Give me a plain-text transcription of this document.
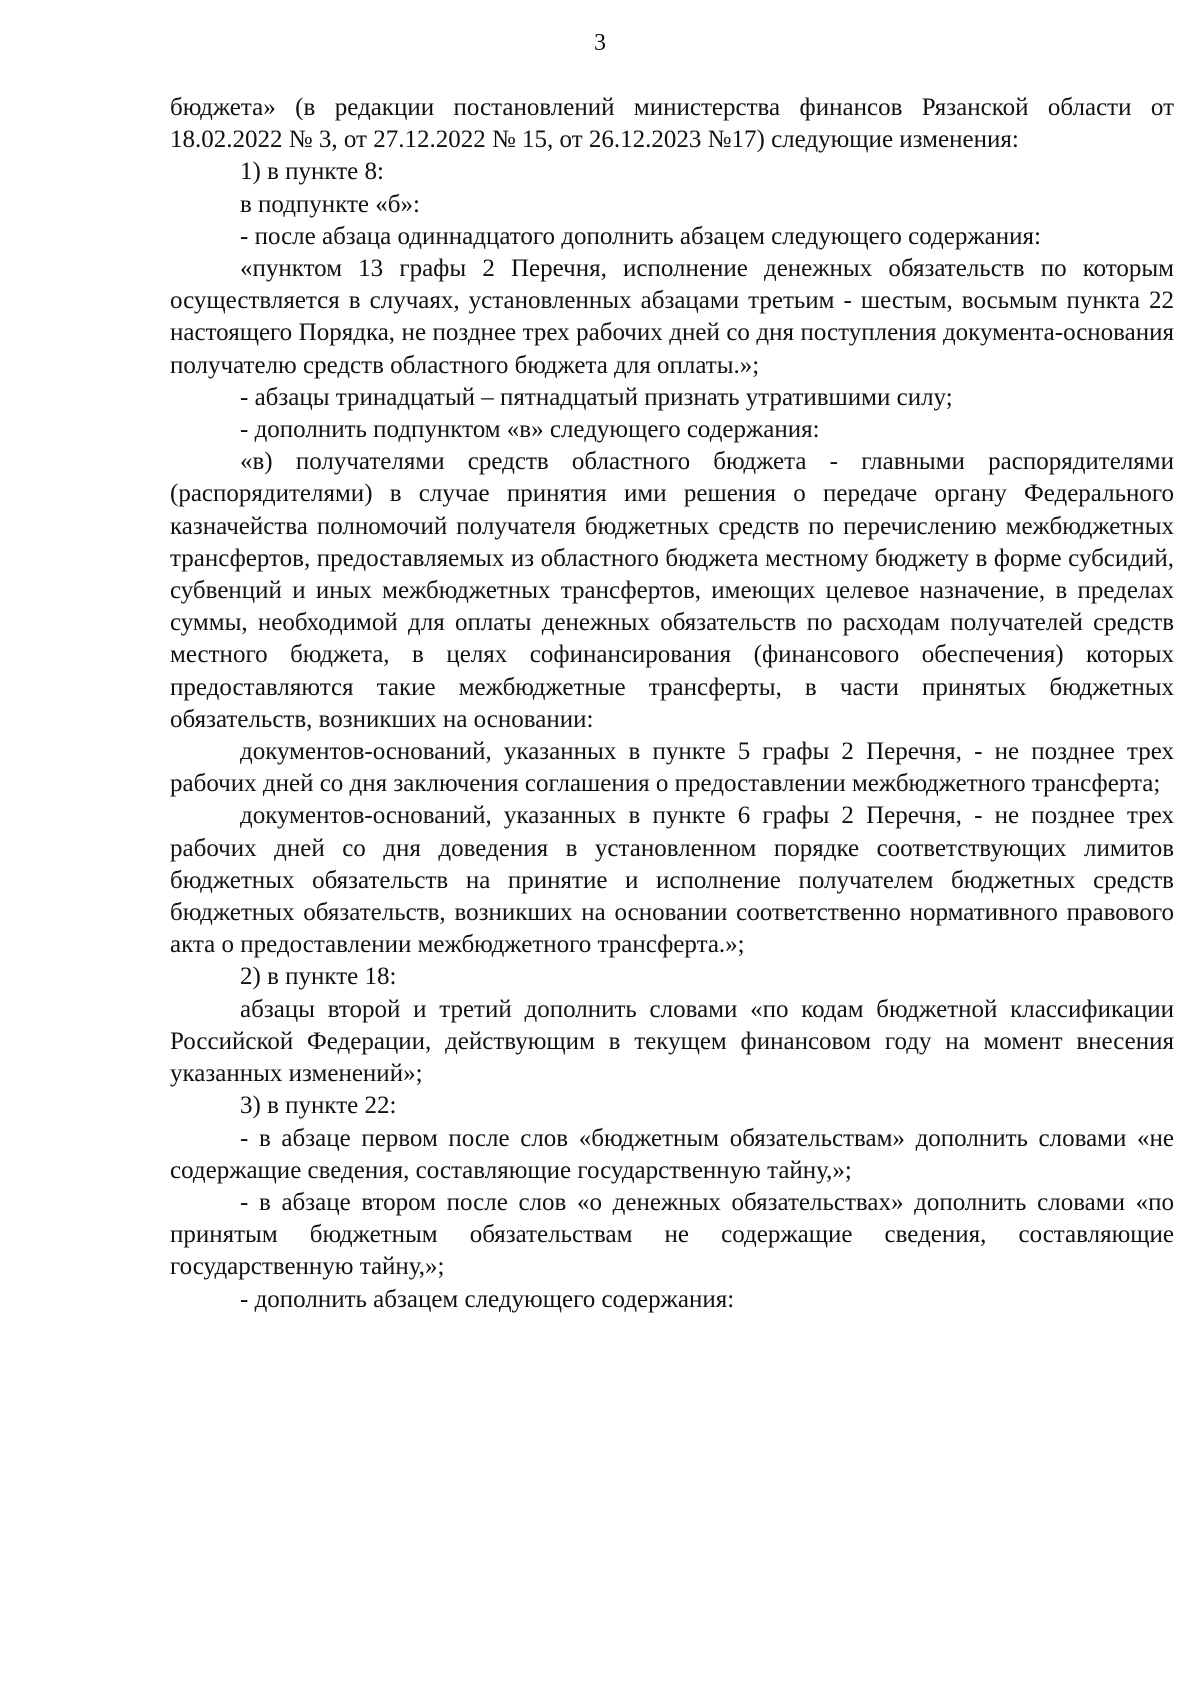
3

бюджета» (в редакции постановлений министерства финансов Рязанской области от 18.02.2022 № 3, от 27.12.2022 № 15, от 26.12.2023 №17) следующие изменения:

1) в пункте 8:

в подпункте «б»:

- после абзаца одиннадцатого дополнить абзацем следующего содержания:

«пунктом 13 графы 2 Перечня, исполнение денежных обязательств по которым осуществляется в случаях, установленных абзацами третьим - шестым, восьмым пункта 22 настоящего Порядка, не позднее трех рабочих дней со дня поступления документа-основания получателю средств областного бюджета для оплаты.»;

- абзацы тринадцатый – пятнадцатый признать утратившими силу;

- дополнить подпунктом «в» следующего содержания:

«в) получателями средств областного бюджета - главными распорядителями (распорядителями) в случае принятия ими решения о передаче органу Федерального казначейства полномочий получателя бюджетных средств по перечислению межбюджетных трансфертов, предоставляемых из областного бюджета местному бюджету в форме субсидий, субвенций и иных межбюджетных трансфертов, имеющих целевое назначение, в пределах суммы, необходимой для оплаты денежных обязательств по расходам получателей средств местного бюджета, в целях софинансирования (финансового обеспечения) которых предоставляются такие межбюджетные трансферты, в части принятых бюджетных обязательств, возникших на основании:

документов-оснований, указанных в пункте 5 графы 2 Перечня, - не позднее трех рабочих дней со дня заключения соглашения о предоставлении межбюджетного трансферта;

документов-оснований, указанных в пункте 6 графы 2 Перечня, - не позднее трех рабочих дней со дня доведения в установленном порядке соответствующих лимитов бюджетных обязательств на принятие и исполнение получателем бюджетных средств бюджетных обязательств, возникших на основании соответственно нормативного правового акта о предоставлении межбюджетного трансферта.»;

2) в пункте 18:

абзацы второй и третий дополнить словами «по кодам бюджетной классификации Российской Федерации, действующим в текущем финансовом году на момент внесения указанных изменений»;

3) в пункте 22:

- в абзаце первом после слов «бюджетным обязательствам» дополнить словами «не содержащие сведения, составляющие государственную тайну,»;

- в абзаце втором после слов «о денежных обязательствах» дополнить словами «по принятым бюджетным обязательствам не содержащие сведения, составляющие государственную тайну,»;

- дополнить абзацем следующего содержания:
